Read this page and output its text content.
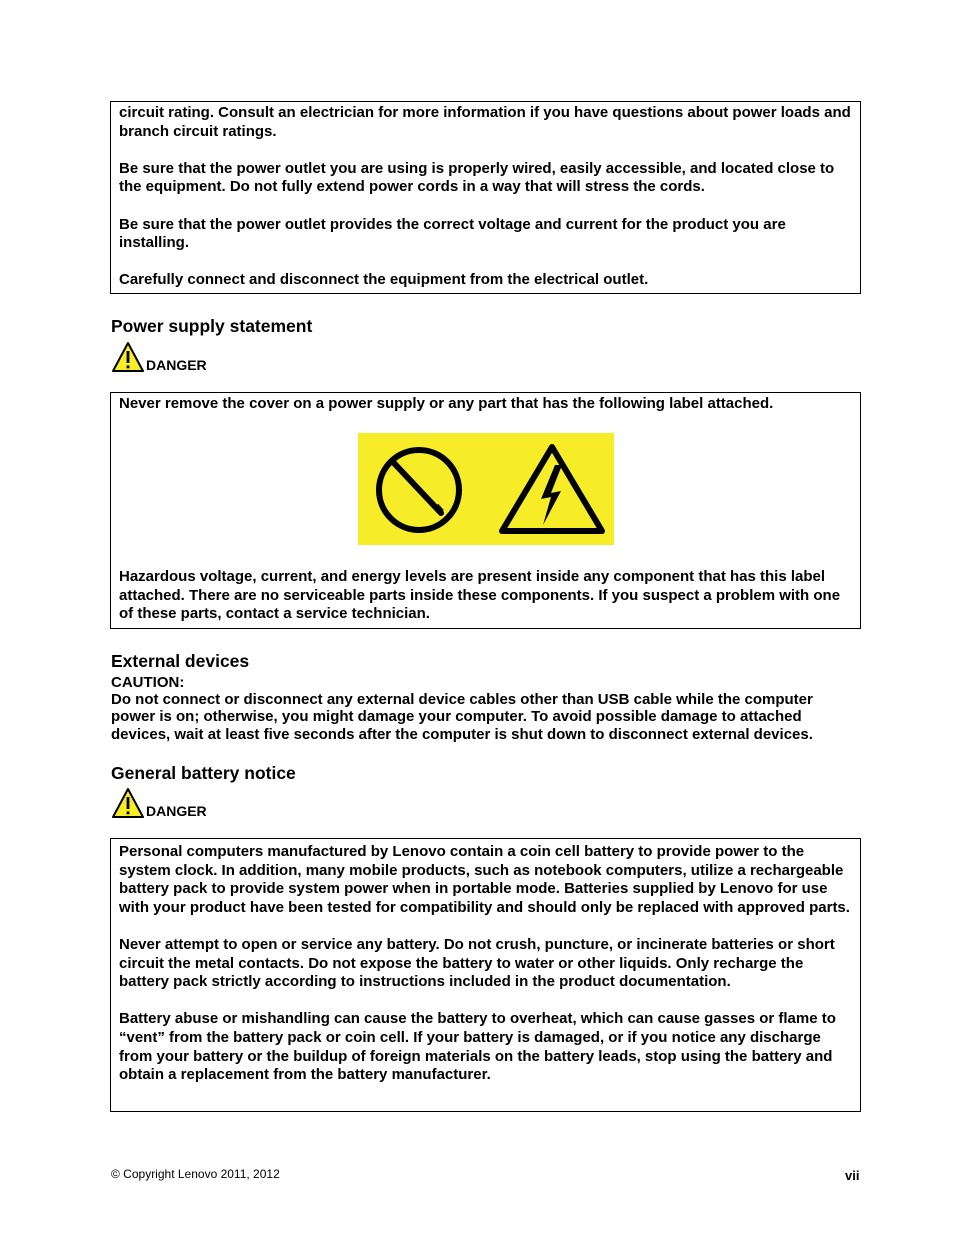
circuit rating. Consult an electrician for more information if you have questions about power loads and branch circuit ratings.

Be sure that the power outlet you are using is properly wired, easily accessible, and located close to the equipment. Do not fully extend power cords in a way that will stress the cords.

Be sure that the power outlet provides the correct voltage and current for the product you are installing.

Carefully connect and disconnect the equipment from the electrical outlet.

Power supply statement
DANGER

Never remove the cover on a power supply or any part that has the following label attached.

Hazardous voltage, current, and energy levels are present inside any component that has this label attached. There are no serviceable parts inside these components. If you suspect a problem with one of these parts, contact a service technician.

External devices
CAUTION:

Do not connect or disconnect any external device cables other than USB cable while the computer power is on; otherwise, you might damage your computer. To avoid possible damage to attached devices, wait at least five seconds after the computer is shut down to disconnect external devices.

General battery notice
DANGER

Personal computers manufactured by Lenovo contain a coin cell battery to provide power to the system clock. In addition, many mobile products, such as notebook computers, utilize a rechargeable battery pack to provide system power when in portable mode. Batteries supplied by Lenovo for use with your product have been tested for compatibility and should only be replaced with approved parts.

Never attempt to open or service any battery. Do not crush, puncture, or incinerate batteries or short circuit the metal contacts. Do not expose the battery to water or other liquids. Only recharge the battery pack strictly according to instructions included in the product documentation.

Battery abuse or mishandling can cause the battery to overheat, which can cause gasses or flame to “vent” from the battery pack or coin cell. If your battery is damaged, or if you notice any discharge from your battery or the buildup of foreign materials on the battery leads, stop using the battery and obtain a replacement from the battery manufacturer.

© Copyright Lenovo 2011, 2012	vii
